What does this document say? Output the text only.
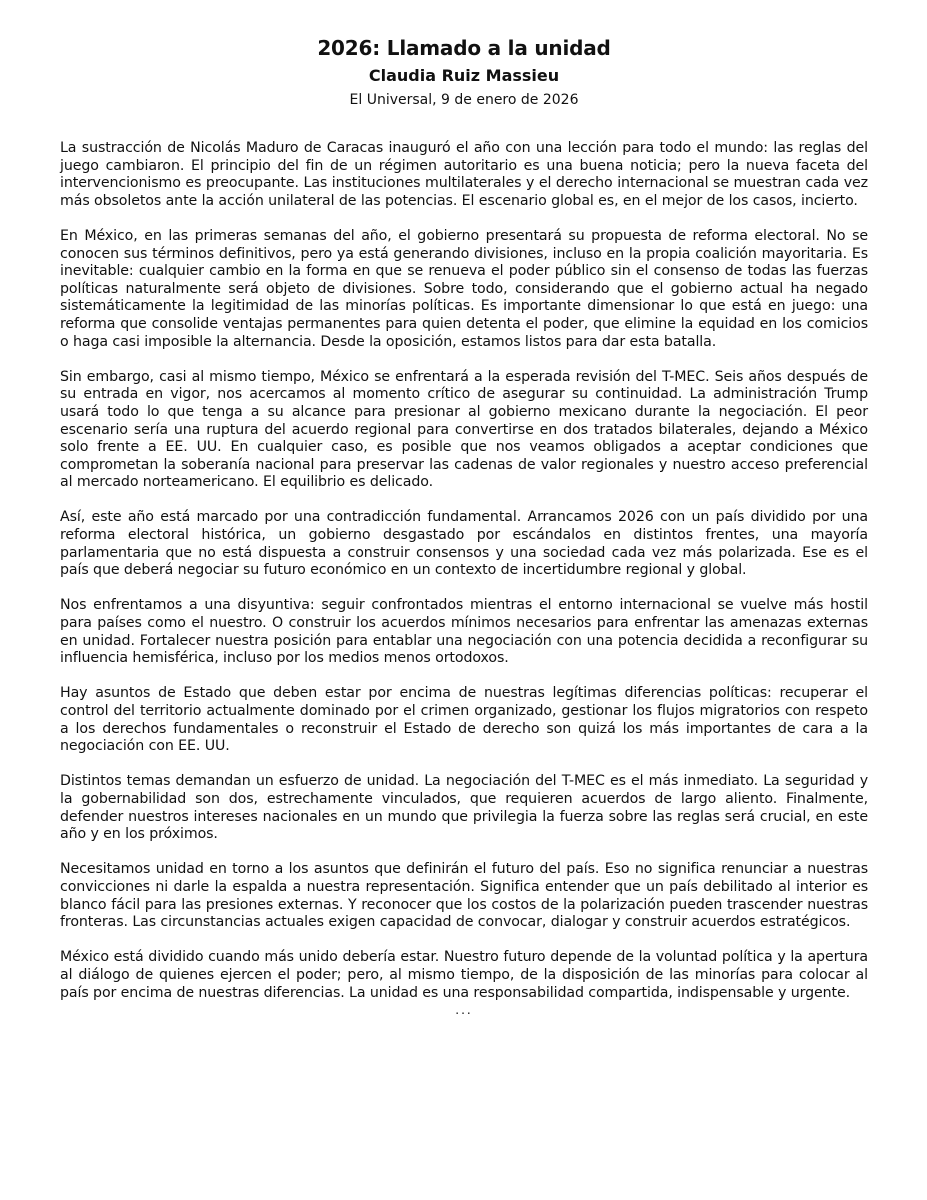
2026: Llamado a la unidad
Claudia Ruiz Massieu
El Universal, 9 de enero de 2026

La sustracción de Nicolás Maduro de Caracas inauguró el año con una lección para todo el mundo: las reglas del juego cambiaron. El principio del fin de un régimen autoritario es una buena noticia; pero la nueva faceta del intervencionismo es preocupante. Las instituciones multilaterales y el derecho internacional se muestran cada vez más obsoletos ante la acción unilateral de las potencias. El escenario global es, en el mejor de los casos, incierto.

En México, en las primeras semanas del año, el gobierno presentará su propuesta de reforma electoral. No se conocen sus términos definitivos, pero ya está generando divisiones, incluso en la propia coalición mayoritaria. Es inevitable: cualquier cambio en la forma en que se renueva el poder público sin el consenso de todas las fuerzas políticas naturalmente será objeto de divisiones. Sobre todo, considerando que el gobierno actual ha negado sistemáticamente la legitimidad de las minorías políticas. Es importante dimensionar lo que está en juego: una reforma que consolide ventajas permanentes para quien detenta el poder, que elimine la equidad en los comicios o haga casi imposible la alternancia. Desde la oposición, estamos listos para dar esta batalla.

Sin embargo, casi al mismo tiempo, México se enfrentará a la esperada revisión del T-MEC. Seis años después de su entrada en vigor, nos acercamos al momento crítico de asegurar su continuidad. La administración Trump usará todo lo que tenga a su alcance para presionar al gobierno mexicano durante la negociación. El peor escenario sería una ruptura del acuerdo regional para convertirse en dos tratados bilaterales, dejando a México solo frente a EE. UU. En cualquier caso, es posible que nos veamos obligados a aceptar condiciones que comprometan la soberanía nacional para preservar las cadenas de valor regionales y nuestro acceso preferencial al mercado norteamericano. El equilibrio es delicado.

Así, este año está marcado por una contradicción fundamental. Arrancamos 2026 con un país dividido por una reforma electoral histórica, un gobierno desgastado por escándalos en distintos frentes, una mayoría parlamentaria que no está dispuesta a construir consensos y una sociedad cada vez más polarizada. Ese es el país que deberá negociar su futuro económico en un contexto de incertidumbre regional y global.

Nos enfrentamos a una disyuntiva: seguir confrontados mientras el entorno internacional se vuelve más hostil para países como el nuestro. O construir los acuerdos mínimos necesarios para enfrentar las amenazas externas en unidad. Fortalecer nuestra posición para entablar una negociación con una potencia decidida a reconfigurar su influencia hemisférica, incluso por los medios menos ortodoxos.

Hay asuntos de Estado que deben estar por encima de nuestras legítimas diferencias políticas: recuperar el control del territorio actualmente dominado por el crimen organizado, gestionar los flujos migratorios con respeto a los derechos fundamentales o reconstruir el Estado de derecho son quizá los más importantes de cara a la negociación con EE. UU.

Distintos temas demandan un esfuerzo de unidad. La negociación del T-MEC es el más inmediato. La seguridad y la gobernabilidad son dos, estrechamente vinculados, que requieren acuerdos de largo aliento. Finalmente, defender nuestros intereses nacionales en un mundo que privilegia la fuerza sobre las reglas será crucial, en este año y en los próximos.

Necesitamos unidad en torno a los asuntos que definirán el futuro del país. Eso no significa renunciar a nuestras convicciones ni darle la espalda a nuestra representación. Significa entender que un país debilitado al interior es blanco fácil para las presiones externas. Y reconocer que los costos de la polarización pueden trascender nuestras fronteras. Las circunstancias actuales exigen capacidad de convocar, dialogar y construir acuerdos estratégicos.

México está dividido cuando más unido debería estar. Nuestro futuro depende de la voluntad política y la apertura al diálogo de quienes ejercen el poder; pero, al mismo tiempo, de la disposición de las minorías para colocar al país por encima de nuestras diferencias. La unidad es una responsabilidad compartida, indispensable y urgente.

...
